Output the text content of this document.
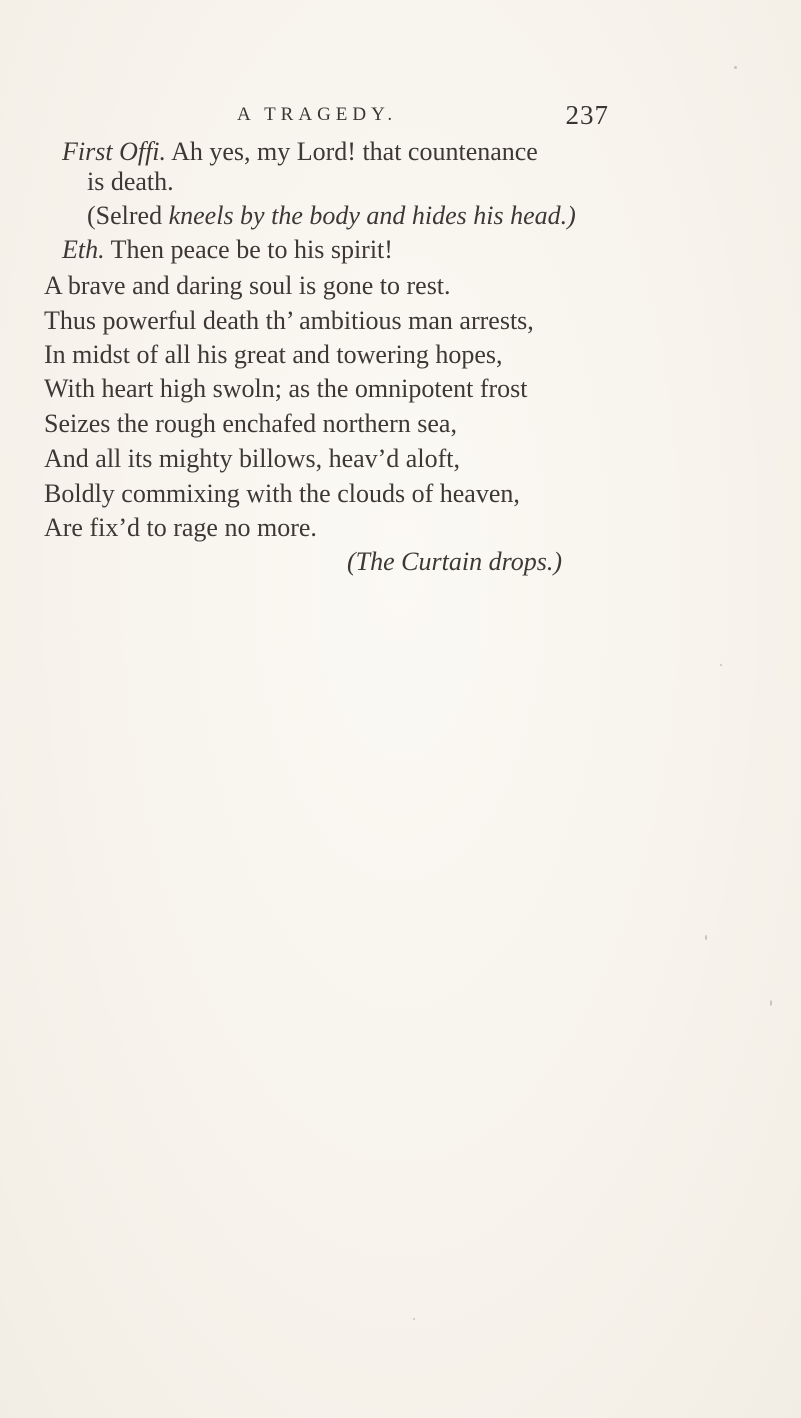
A TRAGEDY.	237
First Offi. Ah yes, my Lord! that countenance
is death.
(Selred kneels by the body and hides his head.)
Eth. Then peace be to his spirit!
A brave and daring soul is gone to rest.
Thus powerful death th’ ambitious man arrests,
In midst of all his great and towering hopes,
With heart high swoln; as the omnipotent frost
Seizes the rough enchafed northern sea,
And all its mighty billows, heav’d aloft,
Boldly commixing with the clouds of heaven,
Are fix’d to rage no more.
(The Curtain drops.)
